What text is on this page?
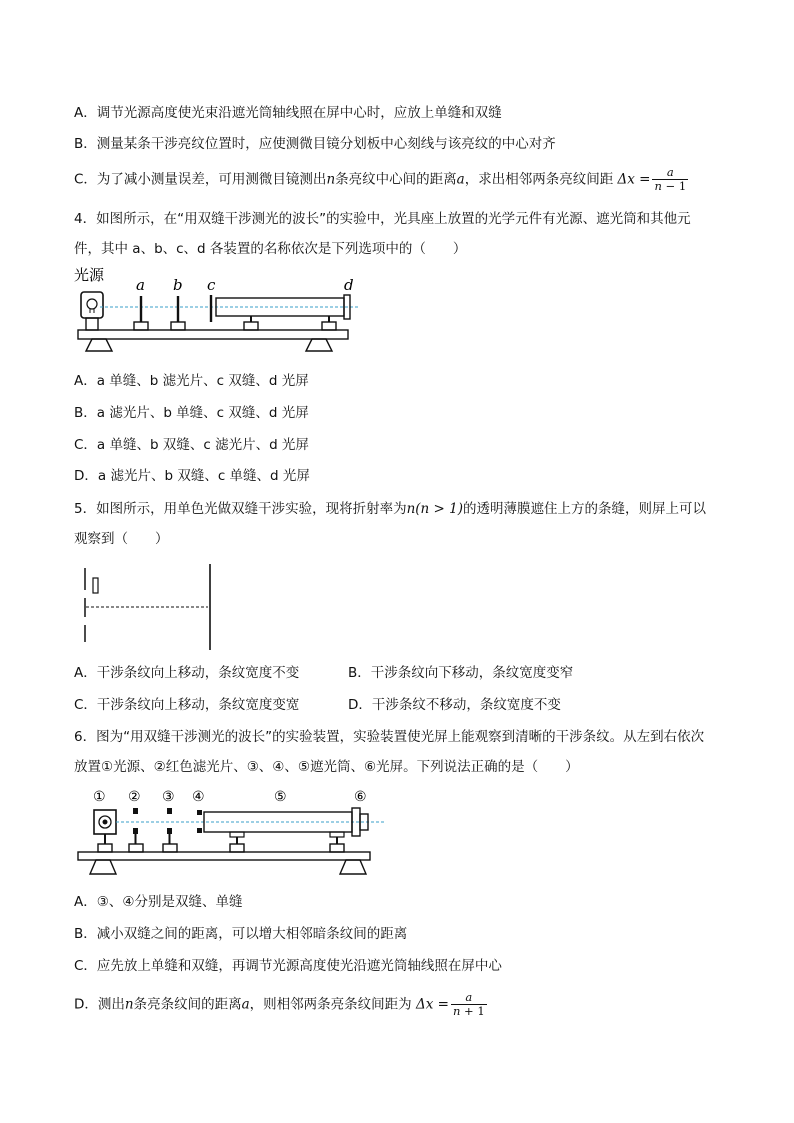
A．调节光源高度使光束沿遮光筒轴线照在屏中心时，应放上单缝和双缝
B．测量某条干涉亮纹位置时，应使测微目镜分划板中心刻线与该亮纹的中心对齐
C．为了减小测量误差，可用测微目镜测出n条亮纹中心间的距离a，求出相邻两条亮纹间距 $\Delta x = \frac{a}{n - 1}$
4．如图所示，在“用双缝干涉测光的波长”的实验中，光具座上放置的光学元件有光源、遮光筒和其他元
件，其中 a、b、c、d 各装置的名称依次是下列选项中的（　　）
光源
a b c	d
A．a 单缝、b 滤光片、c 双缝、d 光屏
B．a 滤光片、b 单缝、c 双缝、d 光屏
C．a 单缝、b 双缝、c 滤光片、d 光屏
D．a 滤光片、b 双缝、c 单缝、d 光屏
5．如图所示，用单色光做双缝干涉实验，现将折射率为n(n > 1)的透明薄膜遮住上方的条缝，则屏上可以
观察到（　　）
A．干涉条纹向上移动，条纹宽度不变	B．干涉条纹向下移动，条纹宽度变窄
C．干涉条纹向上移动，条纹宽度变宽	D．干涉条纹不移动，条纹宽度不变
6．图为“用双缝干涉测光的波长”的实验装置，实验装置使光屏上能观察到清晰的干涉条纹。从左到右依次
放置①光源、②红色滤光片、③、④、⑤遮光筒、⑥光屏。下列说法正确的是（　　）
① ② ③ ④	⑤	⑥
A．③、④分别是双缝、单缝
B．减小双缝之间的距离，可以增大相邻暗条纹间的距离
C．应先放上单缝和双缝，再调节光源高度使光沿遮光筒轴线照在屏中心
D．测出n条亮条纹间的距离a，则相邻两条亮条纹间距为 $\Delta x = \frac{a}{n + 1}$
